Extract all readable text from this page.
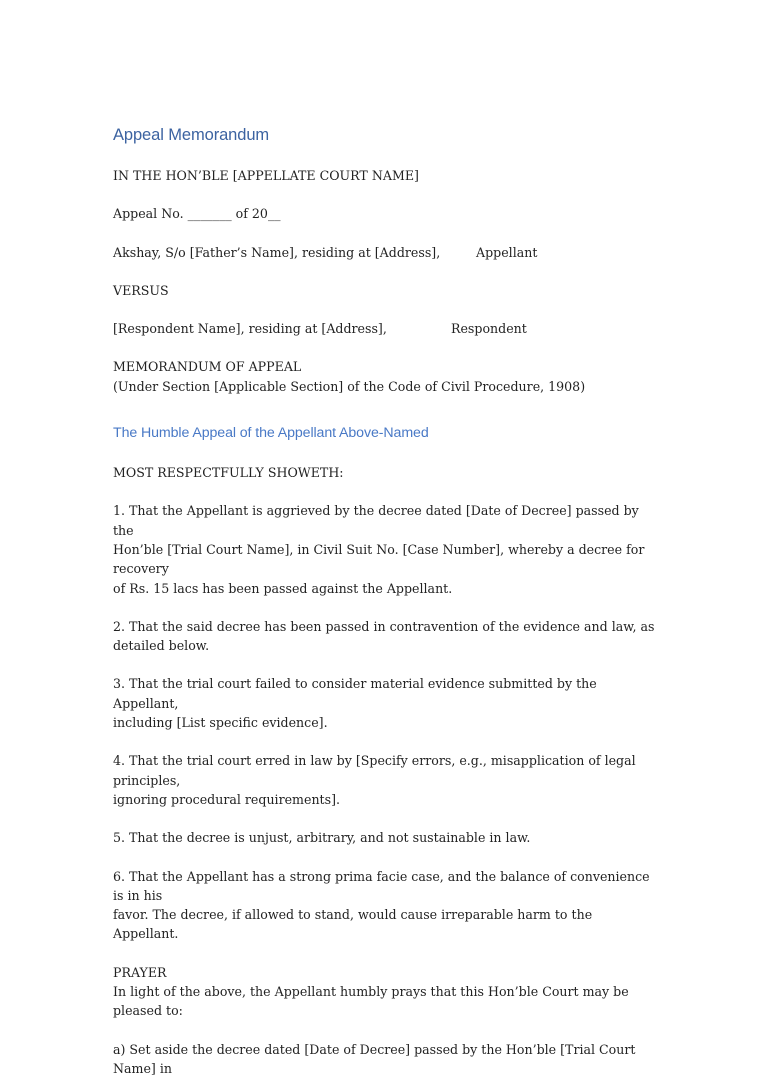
Appeal Memorandum
IN THE HON’BLE [APPELLATE COURT NAME]
Appeal No. _______ of 20__
Akshay, S/o [Father’s Name], residing at [Address],	Appellant
VERSUS
[Respondent Name], residing at [Address],	Respondent
MEMORANDUM OF APPEAL
(Under Section [Applicable Section] of the Code of Civil Procedure, 1908)
The Humble Appeal of the Appellant Above-Named
MOST RESPECTFULLY SHOWETH:
1. That the Appellant is aggrieved by the decree dated [Date of Decree] passed by the
Hon’ble [Trial Court Name], in Civil Suit No. [Case Number], whereby a decree for recovery
of Rs. 15 lacs has been passed against the Appellant.
2. That the said decree has been passed in contravention of the evidence and law, as
detailed below.
3. That the trial court failed to consider material evidence submitted by the Appellant,
including [List specific evidence].
4. That the trial court erred in law by [Specify errors, e.g., misapplication of legal principles,
ignoring procedural requirements].
5. That the decree is unjust, arbitrary, and not sustainable in law.
6. That the Appellant has a strong prima facie case, and the balance of convenience is in his
favor. The decree, if allowed to stand, would cause irreparable harm to the Appellant.
PRAYER
In light of the above, the Appellant humbly prays that this Hon’ble Court may be pleased to:
a) Set aside the decree dated [Date of Decree] passed by the Hon’ble [Trial Court Name] in
